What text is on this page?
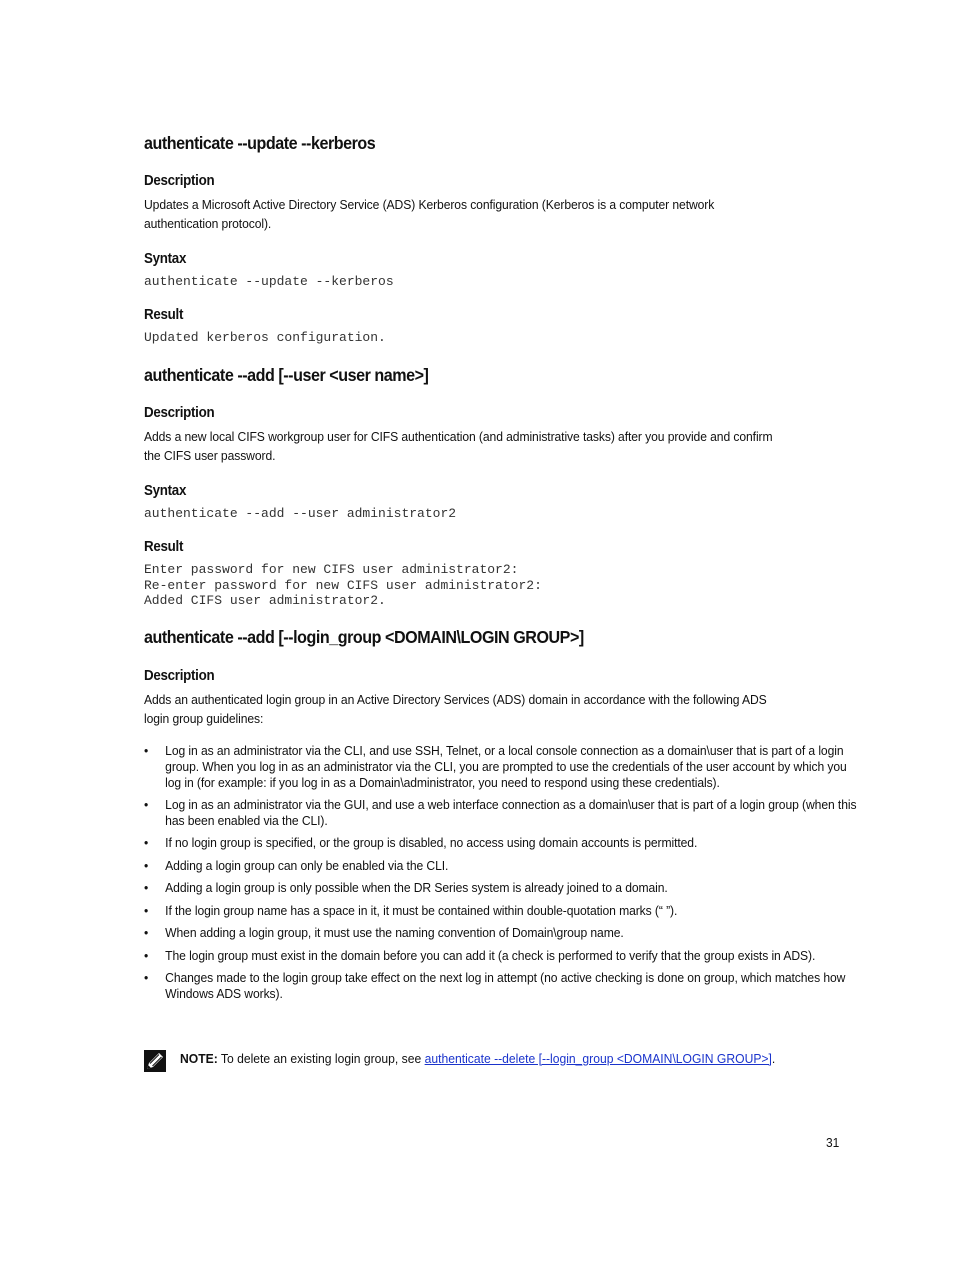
authenticate --update --kerberos
Description
Updates a Microsoft Active Directory Service (ADS) Kerberos configuration (Kerberos is a computer network authentication protocol).
Syntax
authenticate --update --kerberos
Result
Updated kerberos configuration.
authenticate --add [--user <user name>]
Description
Adds a new local CIFS workgroup user for CIFS authentication (and administrative tasks) after you provide and confirm the CIFS user password.
Syntax
authenticate --add --user administrator2
Result
Enter password for new CIFS user administrator2:
Re-enter password for new CIFS user administrator2:
Added CIFS user administrator2.
authenticate --add [--login_group <DOMAIN\LOGIN GROUP>]
Description
Adds an authenticated login group in an Active Directory Services (ADS) domain in accordance with the following ADS login group guidelines:
• Log in as an administrator via the CLI, and use SSH, Telnet, or a local console connection as a domain\user that is part of a login group. When you log in as an administrator via the CLI, you are prompted to use the credentials of the user account by which you log in (for example: if you log in as a Domain\administrator, you need to respond using these credentials).
• Log in as an administrator via the GUI, and use a web interface connection as a domain\user that is part of a login group (when this has been enabled via the CLI).
• If no login group is specified, or the group is disabled, no access using domain accounts is permitted.
• Adding a login group can only be enabled via the CLI.
• Adding a login group is only possible when the DR Series system is already joined to a domain.
• If the login group name has a space in it, it must be contained within double-quotation marks (“ ”).
• When adding a login group, it must use the naming convention of Domain\group name.
• The login group must exist in the domain before you can add it (a check is performed to verify that the group exists in ADS).
• Changes made to the login group take effect on the next log in attempt (no active checking is done on group, which matches how Windows ADS works).
NOTE: To delete an existing login group, see authenticate --delete [--login_group <DOMAIN\LOGIN GROUP>].
31
